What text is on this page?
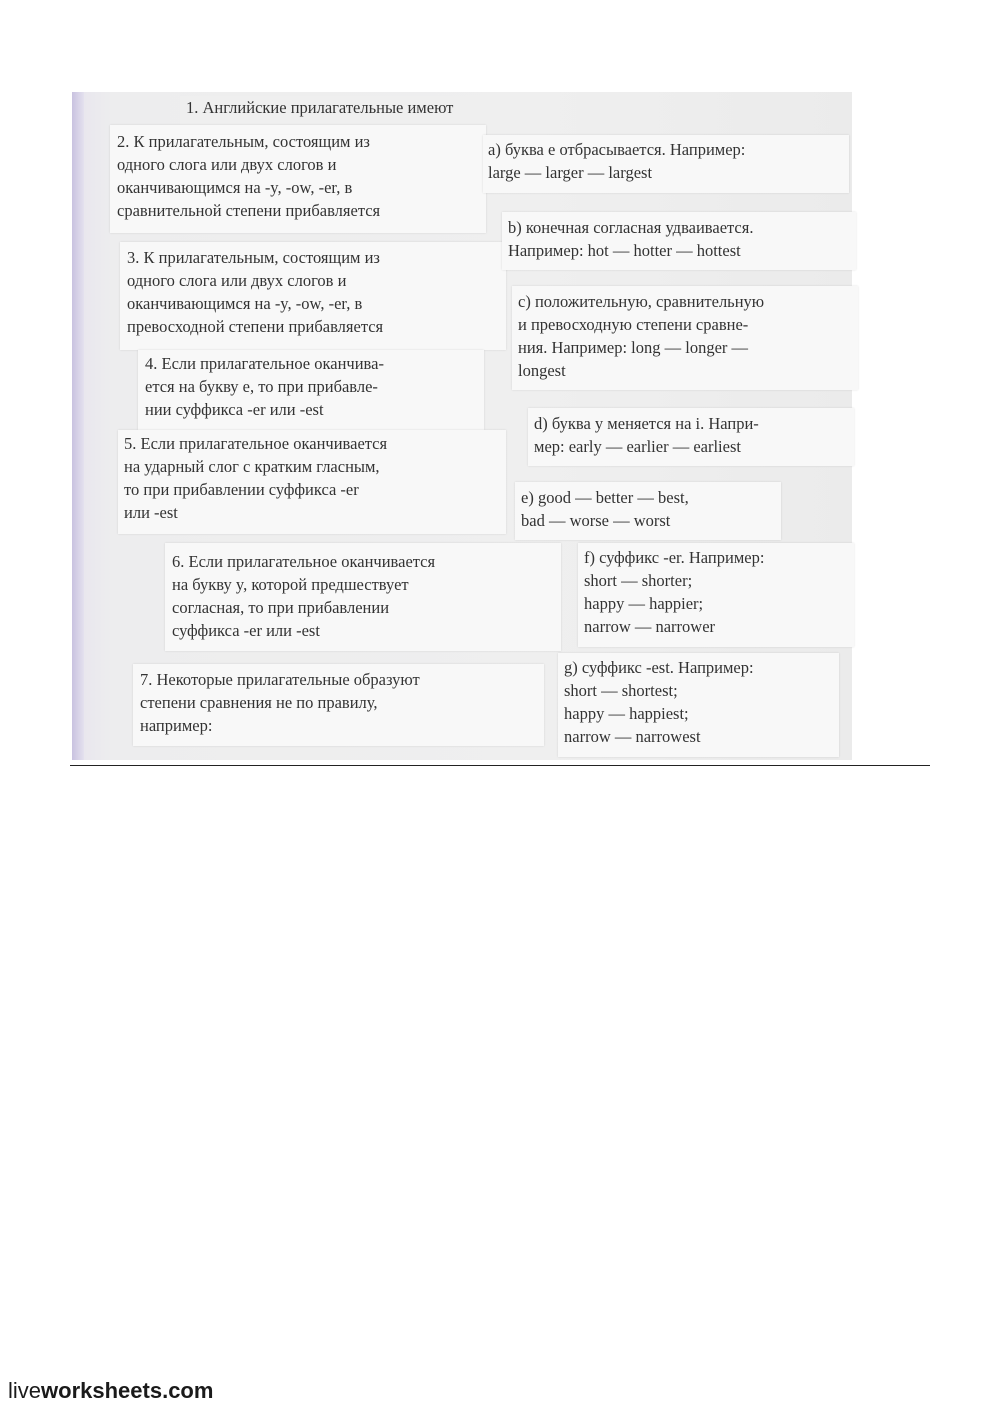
1. Английские прилагательные имеют

2. К прилагательным, состоящим из
одного слога или двух слогов и
оканчивающимся на -y, -ow, -er, в
сравнительной степени прибавляется

3. К прилагательным, состоящим из
одного слога или двух слогов и
оканчивающимся на -y, -ow, -er, в
превосходной степени прибавляется

4. Если прилагательное оканчива-
ется на букву e, то при прибавле-
нии суффикса -er или -est

5. Если прилагательное оканчивается
на ударный слог с кратким гласным,
то при прибавлении суффикса -er
или -est

6. Если прилагательное оканчивается
на букву y, которой предшествует
согласная, то при прибавлении
суффикса -er или -est

7. Некоторые прилагательные образуют
степени сравнения не по правилу,
например:

a) буква e отбрасывается. Например:
large — larger — largest

b) конечная согласная удваивается.
Например: hot — hotter — hottest

c) положительную, сравнительную
и превосходную степени сравне-
ния. Например: long — longer —
longest

d) буква y меняется на i. Напри-
мер: early — earlier — earliest

e) good — better — best,
bad — worse — worst

f) суффикс -er. Например:
short — shorter;
happy — happier;
narrow — narrower

g) суффикс -est. Например:
short — shortest;
happy — happiest;
narrow — narrowest

liveworksheets.com
